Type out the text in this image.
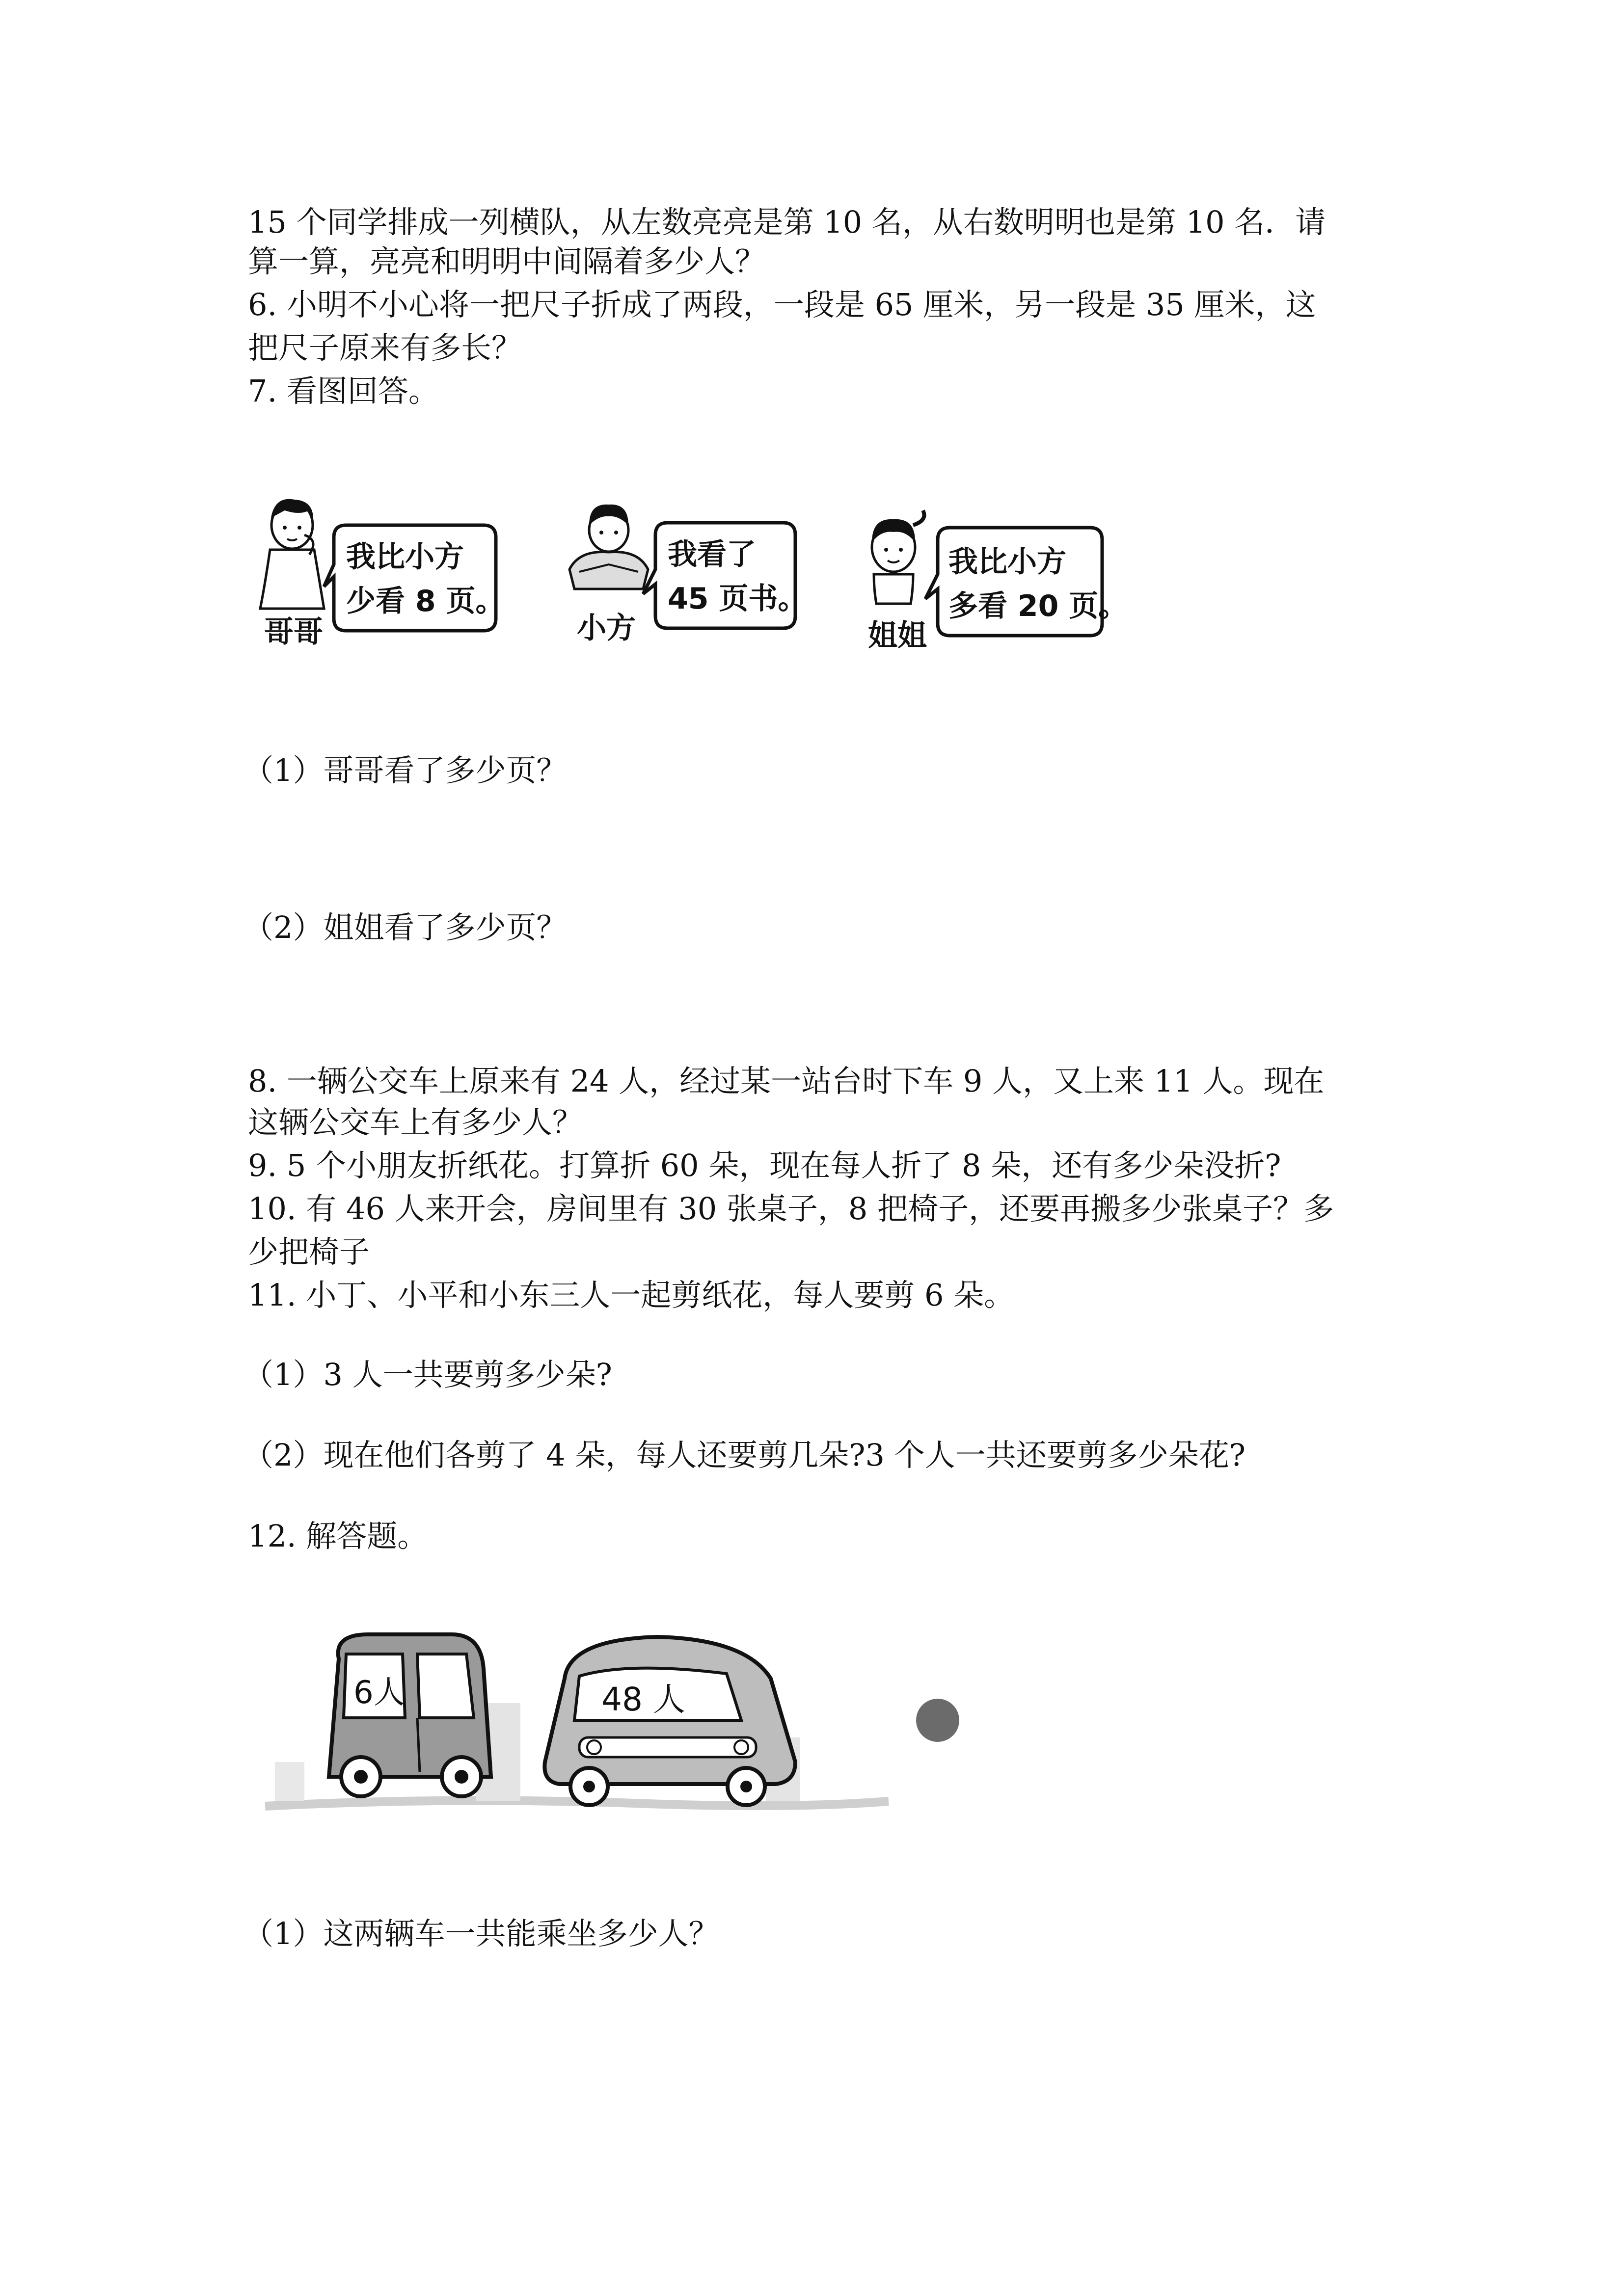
15 个同学排成一列横队，从左数亮亮是第 10 名，从右数明明也是第 10 名．请

算一算，亮亮和明明中间隔着多少人？

6. 小明不小心将一把尺子折成了两段，一段是 65 厘米，另一段是 35 厘米，这

把尺子原来有多长？

7. 看图回答。

哥哥
我比小方
少看 8 页。
小方
我看了
45 页书。
姐姐
我比小方
多看 20 页。

（1）哥哥看了多少页？

（2）姐姐看了多少页？

8. 一辆公交车上原来有 24 人，经过某一站台时下车 9 人，又上来 11 人。现在

这辆公交车上有多少人？

9. 5 个小朋友折纸花。打算折 60 朵，现在每人折了 8 朵，还有多少朵没折?

10. 有 46 人来开会，房间里有 30 张桌子，8 把椅子，还要再搬多少张桌子？多

少把椅子

11. 小丁、小平和小东三人一起剪纸花，每人要剪 6 朵。

（1）3 人一共要剪多少朵?

（2）现在他们各剪了 4 朵，每人还要剪几朵?3 个人一共还要剪多少朵花?

12. 解答题。

6人	48 人

（1）这两辆车一共能乘坐多少人？
